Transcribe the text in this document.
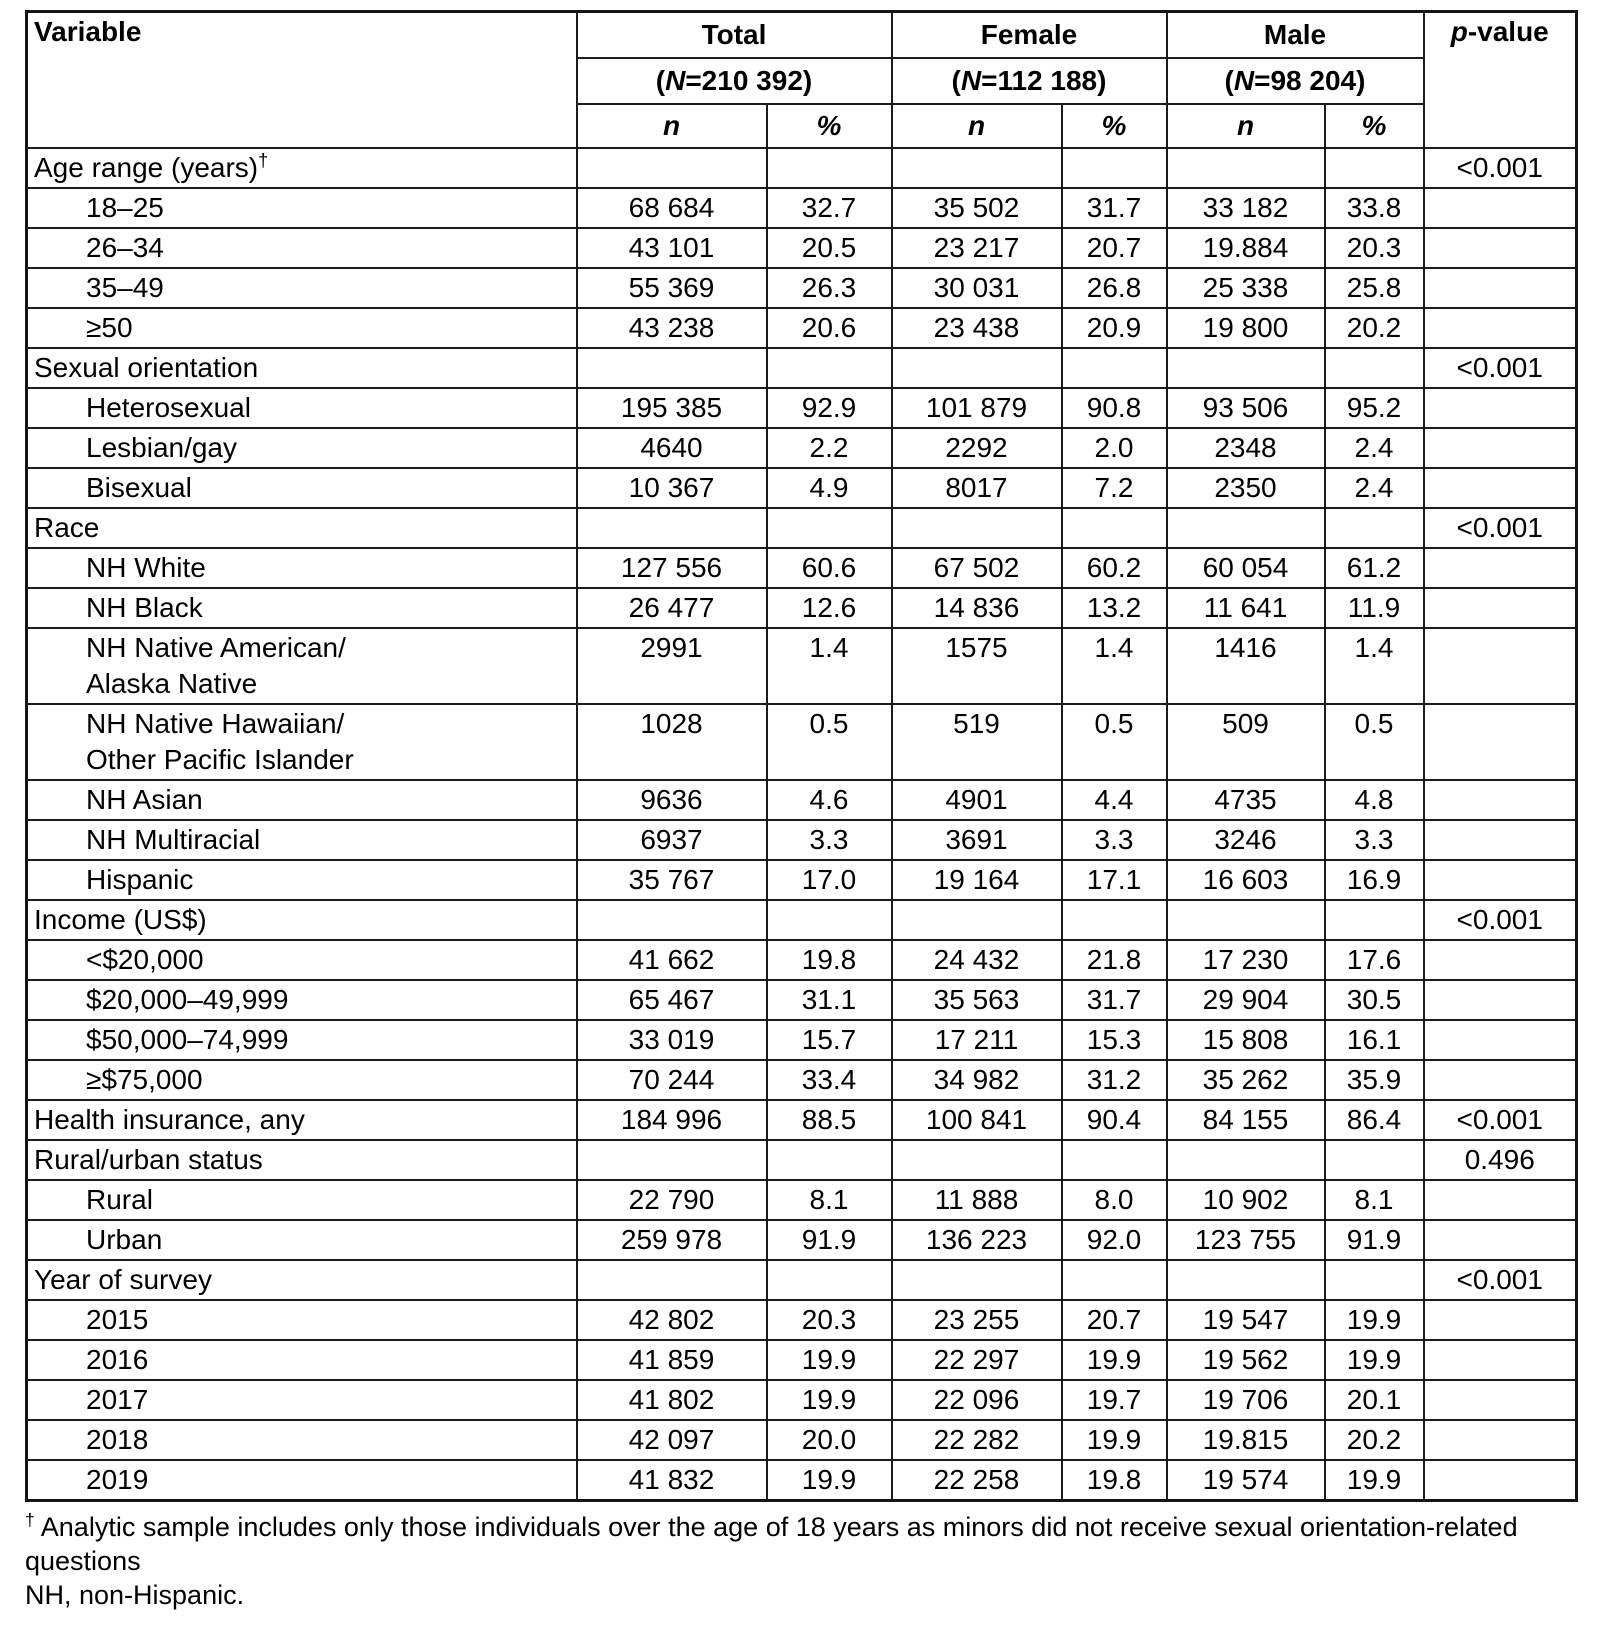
Variable	Total		Female		Male		p-value
	(N=210 392)		(N=112 188)		(N=98 204)		
	n	%	n	%	n	%	
Age range (years)†							<0.001
18–25	68 684	32.7	35 502	31.7	33 182	33.8	
26–34	43 101	20.5	23 217	20.7	19.884	20.3	
35–49	55 369	26.3	30 031	26.8	25 338	25.8	
≥50	43 238	20.6	23 438	20.9	19 800	20.2	
Sexual orientation							<0.001
Heterosexual	195 385	92.9	101 879	90.8	93 506	95.2	
Lesbian/gay	4640	2.2	2292	2.0	2348	2.4	
Bisexual	10 367	4.9	8017	7.2	2350	2.4	
Race							<0.001
NH White	127 556	60.6	67 502	60.2	60 054	61.2	
NH Black	26 477	12.6	14 836	13.2	11 641	11.9	
NH Native American/
Alaska Native	2991	1.4	1575	1.4	1416	1.4	
NH Native Hawaiian/
Other Pacific Islander	1028	0.5	519	0.5	509	0.5	
NH Asian	9636	4.6	4901	4.4	4735	4.8	
NH Multiracial	6937	3.3	3691	3.3	3246	3.3	
Hispanic	35 767	17.0	19 164	17.1	16 603	16.9	
Income (US$)							<0.001
<$20,000	41 662	19.8	24 432	21.8	17 230	17.6	
$20,000–49,999	65 467	31.1	35 563	31.7	29 904	30.5	
$50,000–74,999	33 019	15.7	17 211	15.3	15 808	16.1	
≥$75,000	70 244	33.4	34 982	31.2	35 262	35.9	
Health insurance, any	184 996	88.5	100 841	90.4	84 155	86.4	<0.001
Rural/urban status							0.496
Rural	22 790	8.1	11 888	8.0	10 902	8.1	
Urban	259 978	91.9	136 223	92.0	123 755	91.9	
Year of survey							<0.001
2015	42 802	20.3	23 255	20.7	19 547	19.9	
2016	41 859	19.9	22 297	19.9	19 562	19.9	
2017	41 802	19.9	22 096	19.7	19 706	20.1	
2018	42 097	20.0	22 282	19.9	19.815	20.2	
2019	41 832	19.9	22 258	19.8	19 574	19.9	
† Analytic sample includes only those individuals over the age of 18 years as minors did not receive sexual orientation-related questions
NH, non-Hispanic.
